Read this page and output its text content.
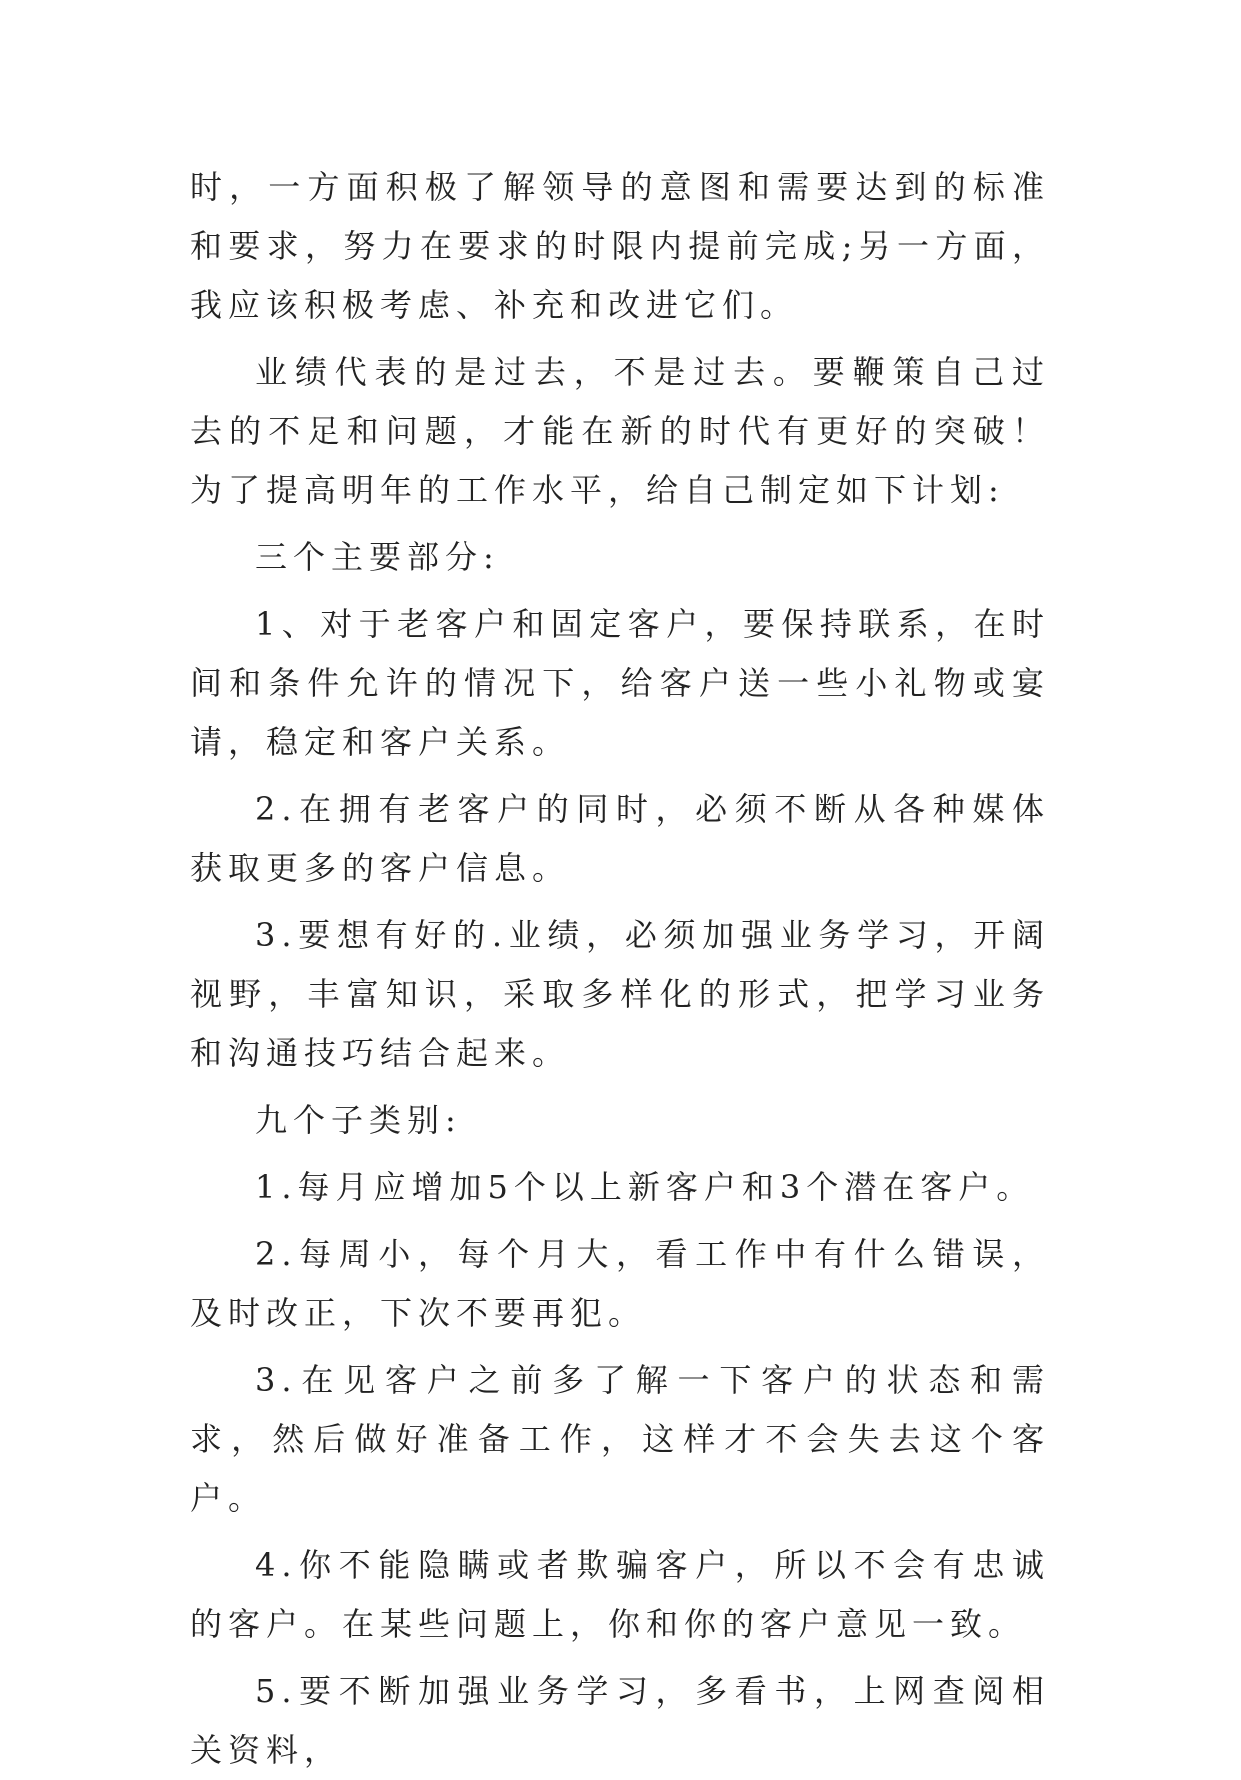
时，一方面积极了解领导的意图和需要达到的标准和要求，努力在要求的时限内提前完成;另一方面，我应该积极考虑、补充和改进它们。

业绩代表的是过去，不是过去。要鞭策自己过去的不足和问题，才能在新的时代有更好的突破！为了提高明年的工作水平，给自己制定如下计划:

三个主要部分:

1、对于老客户和固定客户，要保持联系，在时间和条件允许的情况下，给客户送一些小礼物或宴请，稳定和客户关系。

2.在拥有老客户的同时，必须不断从各种媒体获取更多的客户信息。

3.要想有好的.业绩，必须加强业务学习，开阔视野，丰富知识，采取多样化的形式，把学习业务和沟通技巧结合起来。

九个子类别:

1.每月应增加5个以上新客户和3个潜在客户。

2.每周小，每个月大，看工作中有什么错误，及时改正，下次不要再犯。

3.在见客户之前多了解一下客户的状态和需求，然后做好准备工作，这样才不会失去这个客户。

4.你不能隐瞒或者欺骗客户，所以不会有忠诚的客户。在某些问题上，你和你的客户意见一致。

5.要不断加强业务学习，多看书，上网查阅相关资料，
